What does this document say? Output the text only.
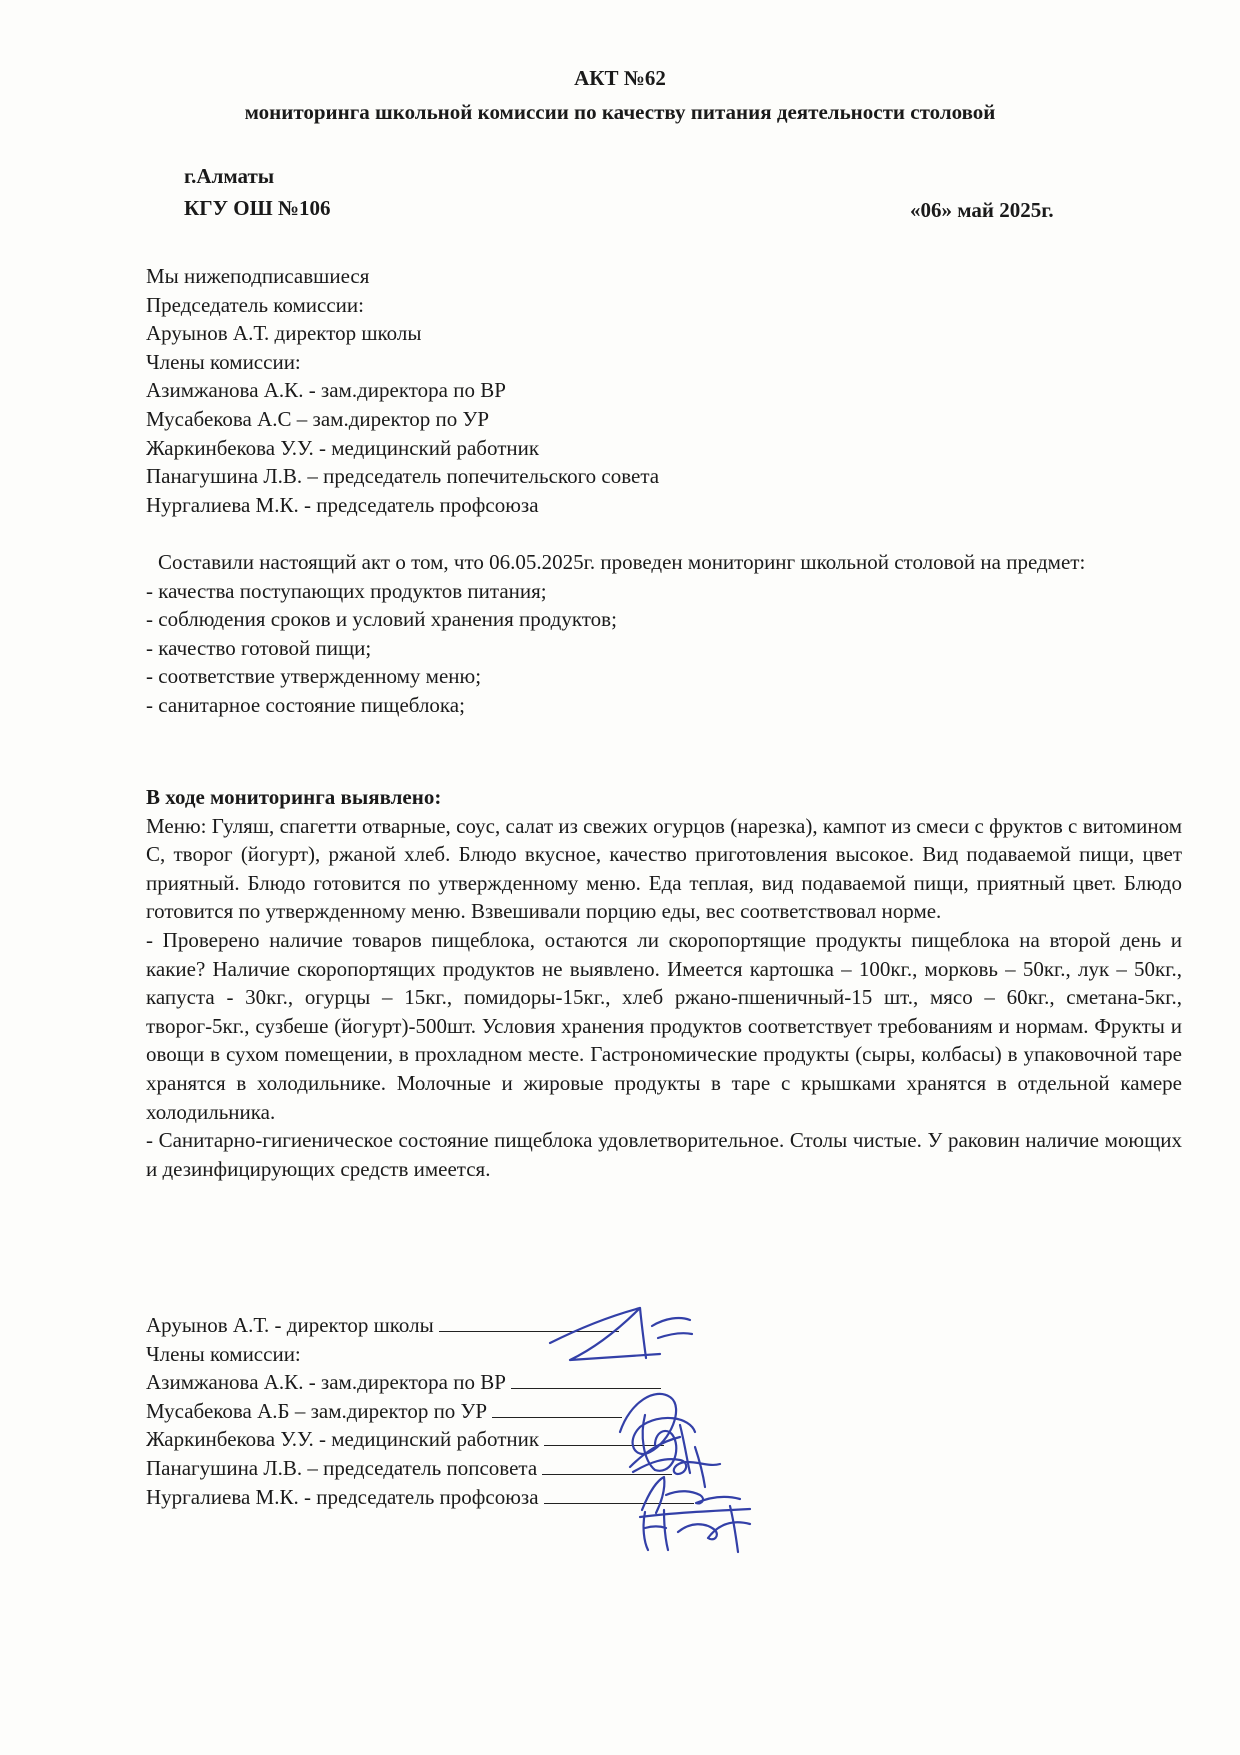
АКТ №62
мониторинга школьной комиссии по качеству питания деятельности столовой
г.Алматы
КГУ ОШ №106	«06» май 2025г.

Мы нижеподписавшиеся

Председатель комиссии:

Аруынов А.Т. директор школы

Члены комиссии:

Азимжанова А.К. - зам.директора по ВР

Мусабекова А.С – зам.директор по УР

Жаркинбекова У.У. - медицинский работник

Панагушина Л.В. – председатель попечительского совета

Нургалиева М.К. - председатель профсоюза

Составили настоящий акт о том, что 06.05.2025г. проведен мониторинг школьной столовой на предмет:

- качества поступающих продуктов питания;

- соблюдения сроков и условий хранения продуктов;

- качество готовой пищи;

- соответствие утвержденному меню;

- санитарное состояние пищеблока;

В ходе мониторинга выявлено:

Меню: Гуляш, спагетти отварные, соус, салат из свежих огурцов (нарезка), кампот из смеси с фруктов с витомином С, творог (йогурт), ржаной хлеб. Блюдо вкусное, качество приготовления высокое. Вид подаваемой пищи, цвет приятный. Блюдо готовится по утвержденному меню. Еда теплая, вид подаваемой пищи, приятный цвет. Блюдо готовится по утвержденному меню. Взвешивали порцию еды, вес соответствовал норме.

- Проверено наличие товаров пищеблока, остаются ли скоропортящие продукты пищеблока на второй день и какие? Наличие скоропортящих продуктов не выявлено. Имеется картошка – 100кг., морковь – 50кг., лук – 50кг., капуста - 30кг., огурцы – 15кг., помидоры-15кг., хлеб ржано-пшеничный-15 шт., мясо – 60кг., сметана-5кг., творог-5кг., сузбеше (йогурт)-500шт. Условия хранения продуктов соответствует требованиям и нормам. Фрукты и овощи в сухом помещении, в прохладном месте. Гастрономические продукты (сыры, колбасы) в упаковочной таре хранятся в холодильнике. Молочные и жировые продукты в таре с крышками хранятся в отдельной камере холодильника.

- Санитарно-гигиеническое состояние пищеблока удовлетворительное. Столы чистые. У раковин наличие моющих и дезинфицирующих средств имеется.

Аруынов А.Т. - директор школы

Члены комиссии:

Азимжанова А.К. - зам.директора по ВР

Мусабекова А.Б – зам.директор по УР

Жаркинбекова У.У. - медицинский работник

Панагушина Л.В. – председатель попсовета

Нургалиева М.К. - председатель профсоюза
